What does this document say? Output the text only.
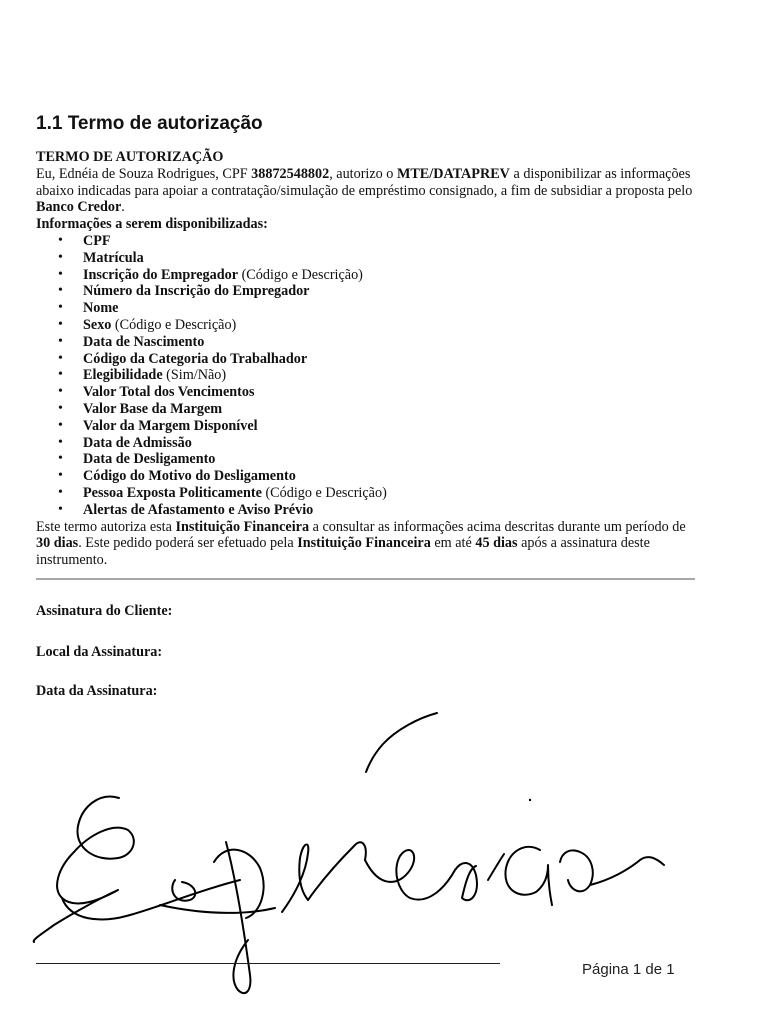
1.1 Termo de autorização

TERMO DE AUTORIZAÇÃO

Eu, Ednéia de Souza Rodrigues, CPF 38872548802, autorizo o MTE/DATAPREV a disponibilizar as informações abaixo indicadas para apoiar a contratação/simulação de empréstimo consignado, a fim de subsidiar a proposta pelo Banco Credor.

Informações a serem disponibilizadas:

• CPF
• Matrícula
• Inscrição do Empregador (Código e Descrição)
• Número da Inscrição do Empregador
• Nome
• Sexo (Código e Descrição)
• Data de Nascimento
• Código da Categoria do Trabalhador
• Elegibilidade (Sim/Não)
• Valor Total dos Vencimentos
• Valor Base da Margem
• Valor da Margem Disponível
• Data de Admissão
• Data de Desligamento
• Código do Motivo do Desligamento
• Pessoa Exposta Politicamente (Código e Descrição)
• Alertas de Afastamento e Aviso Prévio

Este termo autoriza esta Instituição Financeira a consultar as informações acima descritas durante um período de 30 dias. Este pedido poderá ser efetuado pela Instituição Financeira em até 45 dias após a assinatura deste instrumento.

Assinatura do Cliente:

Local da Assinatura:

Data da Assinatura:

Página 1 de 1
